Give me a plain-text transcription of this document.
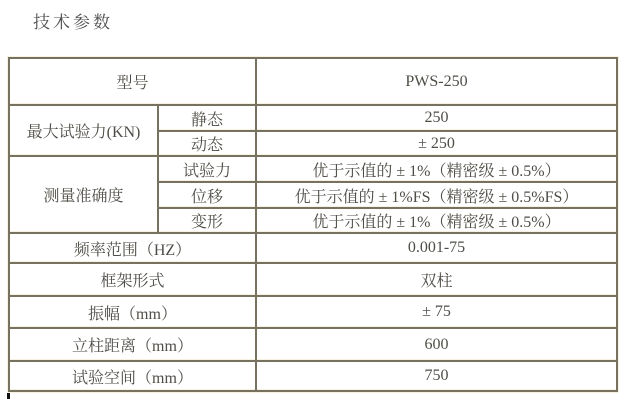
技术参数
型号		PWS-250
最大试验力(KN)	静态	250
	动态	± 250
测量准确度	试验力	优于示值的 ± 1%（精密级 ± 0.5%）
	位移	优于示值的 ± 1%FS（精密级 ± 0.5%FS）
	变形	优于示值的 ± 1%（精密级 ± 0.5%）
频率范围（HZ）		0.001-75
框架形式		双柱
振幅（mm）		± 75
立柱距离（mm）		600
试验空间（mm）		750
